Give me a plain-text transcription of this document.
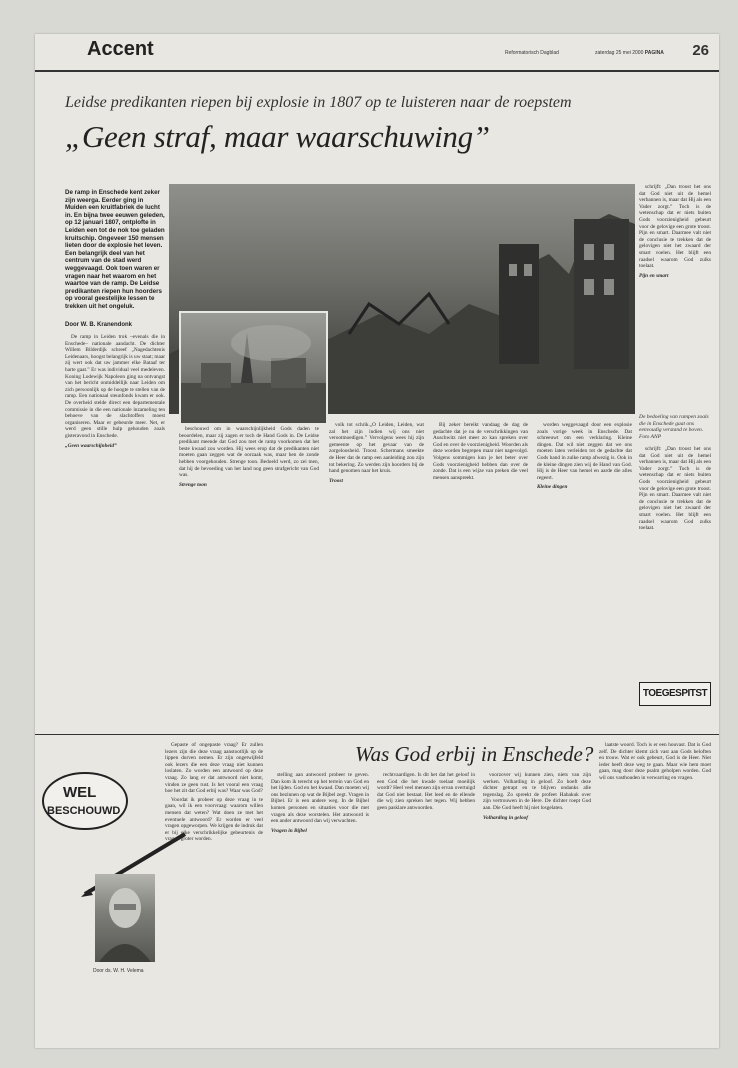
Accent	Reformatorisch Dagblad	zaterdag 25 mei 2000 PAGINA 26
Leidse predikanten riepen bij explosie in 1807 op te luisteren naar de roepstem
„Geen straf, maar waarschuwing”
De ramp in Enschede kent zeker zijn weerga. Eerder ging in Muiden een kruitfabriek de lucht in. En bijna twee eeuwen geleden, op 12 januari 1807, ontplofte in Leiden een tot de nok toe geladen kruitschip. Ongeveer 150 mensen lieten door de explosie het leven. Een belangrijk deel van het centrum van de stad werd weggevaagd. Ook toen waren er vragen naar het waarom en het waartoe van de ramp. De Leidse predikanten riepen hun hoorders op vooral geestelijke lessen te trekken uit het ongeluk.
Door W. B. Kranendonk
De bedoeling van rampen zoals die in Enschede gaat ons eenvoudig verstand te boven. Foto ANP

De ramp in Leiden trok –evenals die in Enschede– nationale aandacht. De dichter Willem Bilderdijk schreef „Nagedachtenis Leidenaars, hoogst belangrijk is uw staat; maar zij wert ook dat uw jammer elke Bataaf ter harte gaat.” Er was individual veel medeleven. Koning Lodewijk Napoleon ging na ontvangst van het bericht onmiddellijk naar Leiden om zich persoonlijk op de hoogte te stellen van de ramp. Een nationaal steunfonds kwam er ook. De overheid stelde direct een departementale commissie in die een nationale inzameling ten behoeve van de slachtoffers moest organiseren. Maar er gebeurde meer. Net, er werd geen stille hulp gehouden zoals gisteravond in Enschede.

„Geen waarschijnheid”

beschouwd om in waarschijnlijkheid Gods daden te beoordelen, maar zij zagen er toch de Hand Gods in. De Leidse predikant meende dat God zou met de ramp voorkomen dat het beste kwaad zou worden. Hij wees erop dat de predikanten niet moeten gaan zeggen wat de oorzaak was, maar hen de zonde hebben voorgehouden. Strenge toon. Bedoeld werd, zo zei men, dat hij de bevoeding van het land nog geen strafgericht van God was.

Strenge toon

volk tot schrik.„O Leiden, Leiden, wat zal het zijn indien wij ons niet verootmoedigen.” Vervolgens wees hij zijn gemeente op het gevaar van de zorgeloosheid. Troost. Schermans smeekte de Heer dat de ramp een aanleiding zou zijn tot bekering. Zo werden zijn hoorders bij de hand genomen naar het kruis.

Troost

Bij zeker bereikt vandaag de dag de gedachte dat je nu de verschrikkingen van Auschwitz niet meer zo kan spreken over God en over de voorzienigheid. Woorden als deze worden begrepen maar niet nagevolgd. Volgens sommigen kun je het beter over Gods voorzienigheid hebben dan over de zonde. Dat is een wijze van preken die veel mensen aanspreekt.

worden weggevaagd door een explosie zoals vorige week in Enschede. Dat schreeuwt om een verklaring. Kleine dingen. Dat wil niet zeggen dat we ons moeten laten verleiden tot de gedachte dat Gods hand in zulke ramp afwezig is. Ook in de kleine dingen zien wij de Hand van God. Hij is de Heer van hemel en aarde die alles regeert.

Kleine dingen

schrijft: „Dan troost het ons dat God niet uit de hemel verbannen is, maar dat Hij als een Vader zorgt.” Toch is de wetenschap dat er niets buiten Gods voorzienigheid gebeurt voor de gelovige een grote troost. Pijn en smart. Daarmee valt niet de conclusie te trekken dat de gelovigen niet het zwaard der smart voelen. Het blijft een raadsel waarom God zulks toelaat.

Pijn en smart

schrijft: „Dan troost het ons dat God niet uit de hemel verbannen is, maar dat Hij als een Vader zorgt.” Toch is de wetenschap dat er niets buiten Gods voorzienigheid gebeurt voor de gelovige een grote troost. Pijn en smart. Daarmee valt niet de conclusie te trekken dat de gelovigen niet het zwaard der smart voelen. Het blijft een raadsel waarom God zulks toelaat.

TOEGESPITST
WEL
BESCHOUWD
Door ds. W. H. Velema
Was God erbij in Enschede?

Gepaste of ongepaste vraag? Er zullen lezers zijn die deze vraag aanstootlijk op de lippen durven nemen. Er zijn ongetwijfeld ook lezers die een deze vraag niet kunnen loslaten. Zo worden een antwoord op deze vraag. Zo lang er dat antwoord niet komt, vinden ze geen rust. Is het vooral een vraag hoe het zit dat God erbij was? Waar was God?

Voordat ik probeer op deze vraag in te gaan, wil ik een voorvraag: waarom willen mensen dat weten? Wat doen ze met het eventuele antwoord? Er worden er veel vragen opgeworpen. We krijgen de indruk dat er bij elke verschrikkelijke gebeurtenis de vragen groter worden.

stelling aan antwoord probeer te geven. Dan kom ik terecht op het terrein van God en het lijden. God en het kwaad. Dan moeten wij ons bezinnen op wat de Bijbel zegt. Vragen in Bijbel. Er is een andere weg. In de Bijbel komen personen en situaties voor die met vragen als deze worstelen. Het antwoord is een ander antwoord dan wij verwachten.

Vragen in Bijbel

rechtvaardigen. Is dit het dat het geloof in een God die het kwade toelaat moeilijk wordt? Heel veel mensen zijn ervan overtuigd dat God niet bestaat. Het leed en de ellende die wij zien spreken het tegen. Wij hebben geen pasklare antwoorden.

voorzover wij kunnen zien, niets van zijn werken. Volharding in geloof. Zo hoeft deze dichter getrapt en te blijven ondanks alle tegenslag. Zo spreekt de profeet Habakuk over zijn vertrouwen in de Here. De dichter roept God aan. Die God heeft hij niet losgelaten.

Volharding in geloof

laatste woord. Toch is er een houvast. Dat is God zelf. De dichter klemt zich vast aan Gods beloften en trouw. Wat er ook gebeurt, God is de Heer. Niet ieder heeft deze weg te gaan. Maar wie hem moet gaan, mag door deze psalm geholpen worden. God wil ons vasthouden in verwarring en vragen.
